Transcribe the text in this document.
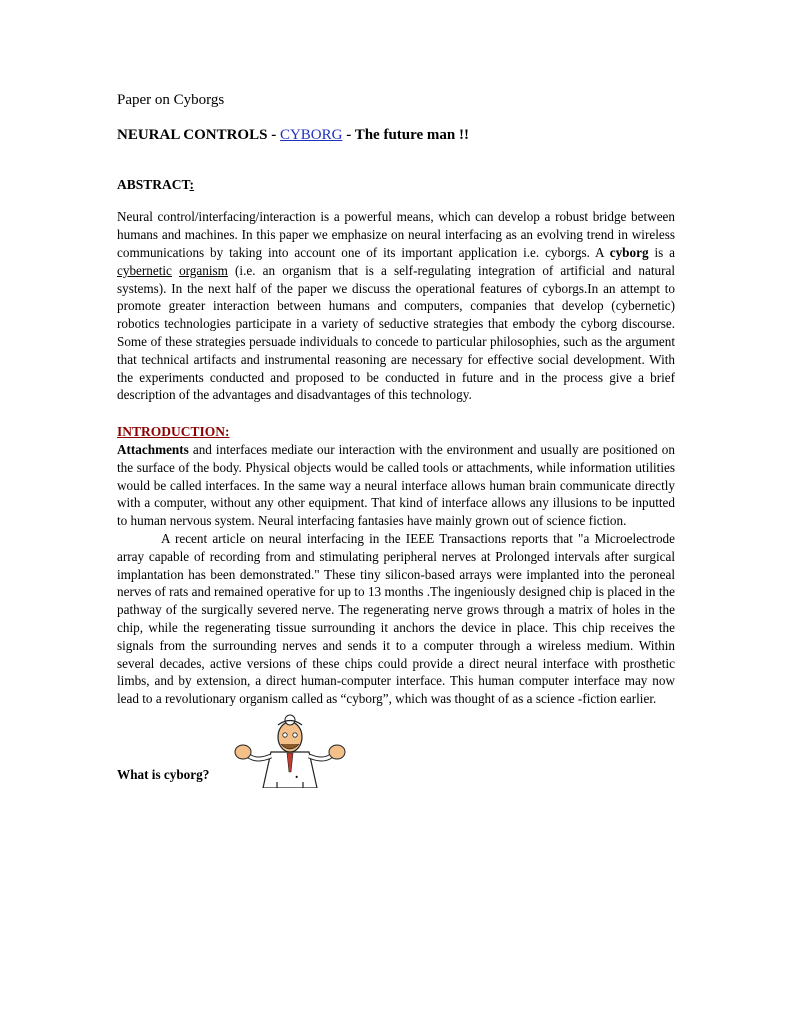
Paper on Cyborgs
NEURAL CONTROLS - CYBORG - The future man !!
ABSTRACT:

Neural control/interfacing/interaction is a powerful means, which can develop a robust bridge between humans and machines. In this paper we emphasize on neural interfacing as an evolving trend in wireless communications by taking into account one of its important application i.e. cyborgs. A cyborg is a cybernetic organism (i.e. an organism that is a self-regulating integration of artificial and natural systems). In the next half of the paper we discuss the operational features of cyborgs.In an attempt to promote greater interaction between humans and computers, companies that develop (cybernetic) robotics technologies participate in a variety of seductive strategies that embody the cyborg discourse. Some of these strategies persuade individuals to concede to particular philosophies, such as the argument that technical artifacts and instrumental reasoning are necessary for effective social development. With the experiments conducted and proposed to be conducted in future and in the process give a brief description of the advantages and disadvantages of this technology.

INTRODUCTION:

Attachments and interfaces mediate our interaction with the environment and usually are positioned on the surface of the body. Physical objects would be called tools or attachments, while information utilities would be called interfaces. In the same way a neural interface allows human brain communicate directly with a computer, without any other equipment. That kind of interface allows any illusions to be inputted to human nervous system. Neural interfacing fantasies have mainly grown out of science fiction.

A recent article on neural interfacing in the IEEE Transactions reports that "a Microelectrode array capable of recording from and stimulating peripheral nerves at Prolonged intervals after surgical implantation has been demonstrated." These tiny silicon-based arrays were implanted into the peroneal nerves of rats and remained operative for up to 13 months .The ingeniously designed chip is placed in the pathway of the surgically severed nerve. The regenerating nerve grows through a matrix of holes in the chip, while the regenerating tissue surrounding it anchors the device in place. This chip receives the signals from the surrounding nerves and sends it to a computer through a wireless medium. Within several decades, active versions of these chips could provide a direct neural interface with prosthetic limbs, and by extension, a direct human-computer interface. This human computer interface may now lead to a revolutionary organism called as “cyborg”, which was thought of as a science -fiction earlier.

What is cyborg?	.
